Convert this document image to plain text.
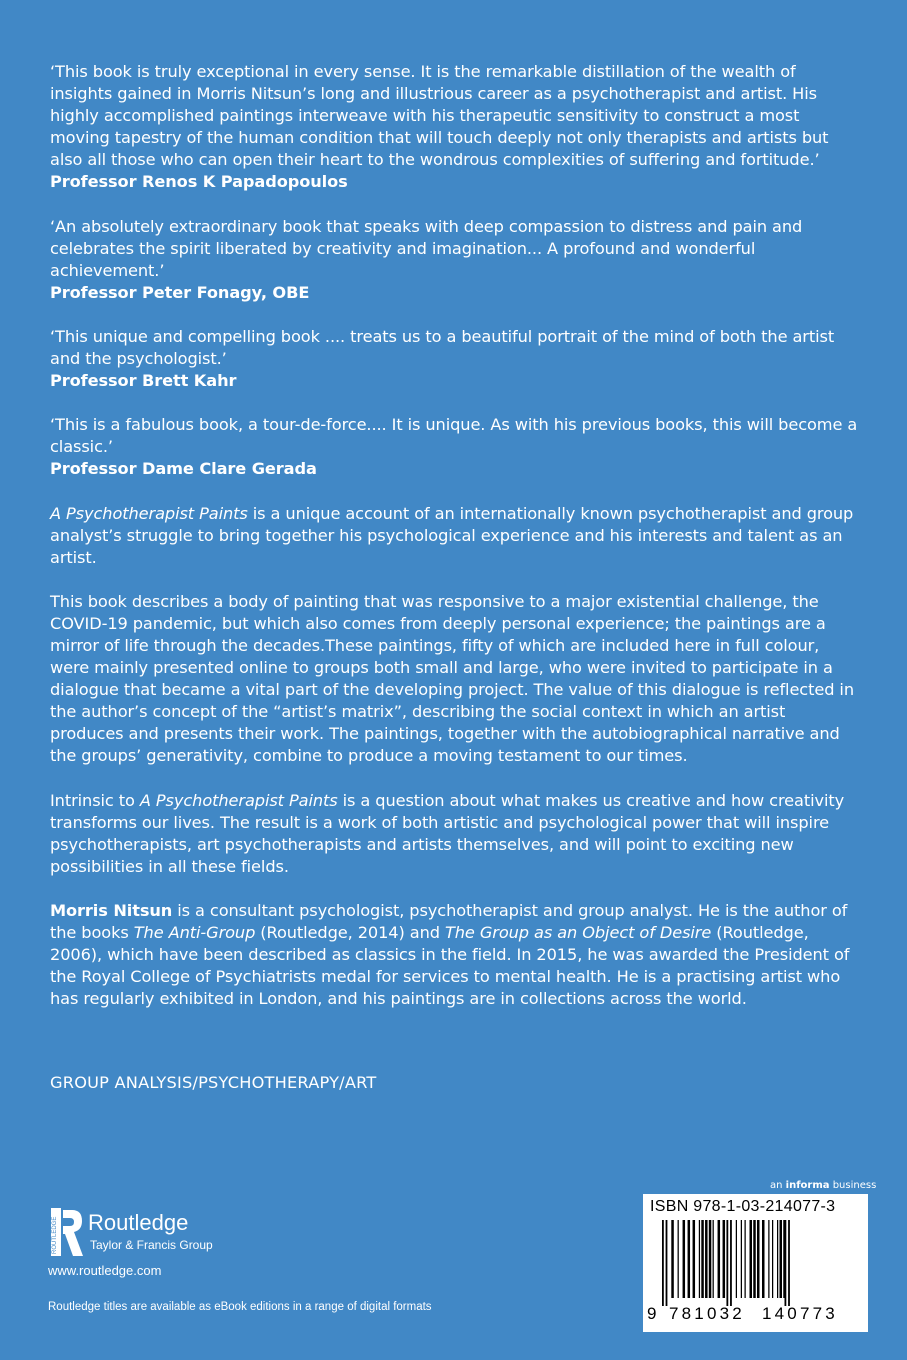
‘This book is truly exceptional in every sense. It is the remarkable distillation of the wealth of insights gained in Morris Nitsun’s long and illustrious career as a psychotherapist and artist. His highly accomplished paintings interweave with his therapeutic sensitivity to construct a most moving tapestry of the human condition that will touch deeply not only therapists and artists but also all those who can open their heart to the wondrous complexities of suffering and fortitude.’

Professor Renos K Papadopoulos

‘An absolutely extraordinary book that speaks with deep compassion to distress and pain and celebrates the spirit liberated by creativity and imagination... A profound and wonderful achievement.’

Professor Peter Fonagy, OBE

‘This unique and compelling book .... treats us to a beautiful portrait of the mind of both the artist and the psychologist.’

Professor Brett Kahr

‘This is a fabulous book, a tour-de-force.... It is unique. As with his previous books, this will become a classic.’

Professor Dame Clare Gerada

A Psychotherapist Paints is a unique account of an internationally known psychotherapist and group analyst’s struggle to bring together his psychological experience and his interests and talent as an artist.

This book describes a body of painting that was responsive to a major existential challenge, the COVID-19 pandemic, but which also comes from deeply personal experience; the paintings are a mirror of life through the decades.These paintings, fifty of which are included here in full colour, were mainly presented online to groups both small and large, who were invited to participate in a dialogue that became a vital part of the developing project. The value of this dialogue is reflected in the author’s concept of the “artist’s matrix”, describing the social context in which an artist produces and presents their work. The paintings, together with the autobiographical narrative and the groups’ generativity, combine to produce a moving testament to our times.

Intrinsic to A Psychotherapist Paints is a question about what makes us creative and how creativity transforms our lives. The result is a work of both artistic and psychological power that will inspire psychotherapists, art psychotherapists and artists themselves, and will point to exciting new possibilities in all these fields.

Morris Nitsun is a consultant psychologist, psychotherapist and group analyst. He is the author of the books The Anti-Group (Routledge, 2014) and The Group as an Object of Desire (Routledge, 2006), which have been described as classics in the field. In 2015, he was awarded the President of the Royal College of Psychiatrists medal for services to mental health. He is a practising artist who has regularly exhibited in London, and his paintings are in collections across the world.

GROUP ANALYSIS/PSYCHOTHERAPY/ART
an informa business
ISBN 978-1-03-214077-3
9 781032 140773
ROUTLEDGE Routledge
Taylor & Francis Group
www.routledge.com
Routledge titles are available as eBook editions in a range of digital formats
